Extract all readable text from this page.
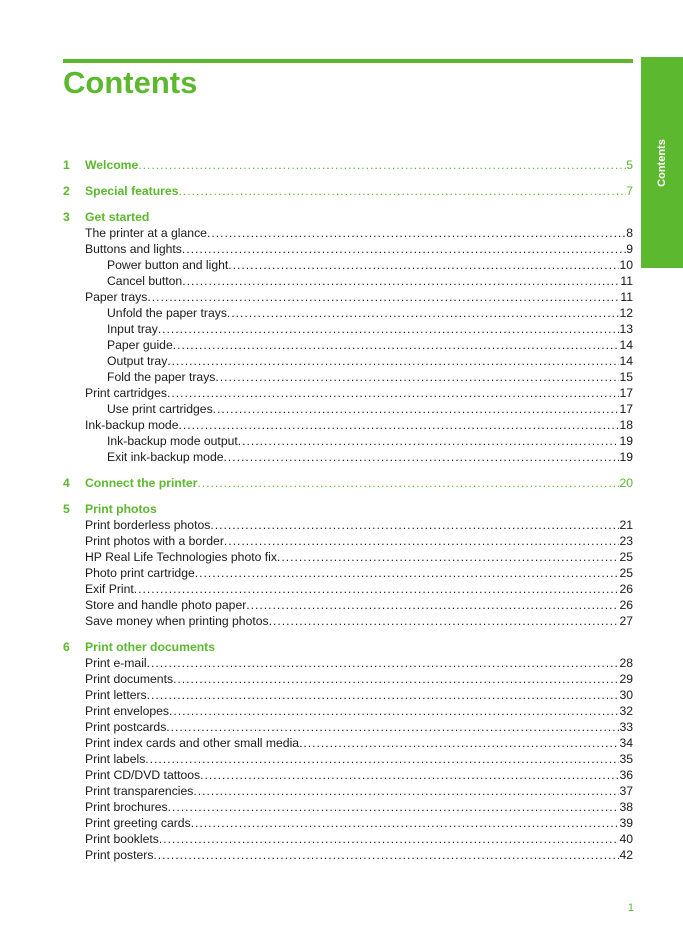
Contents
Contents
1	Welcome . . .	5
2	Special features . . .	7
3	Get started
The printer at a glance . . .	8
Buttons and lights . . .	9
Power button and light . . .	10
Cancel button . . .	11
Paper trays . . .	11
Unfold the paper trays . . .	12
Input tray . . .	13
Paper guide . . .	14
Output tray . . .	14
Fold the paper trays . . .	15
Print cartridges . . .	17
Use print cartridges . . .	17
Ink-backup mode . . .	18
Ink-backup mode output . . .	19
Exit ink-backup mode . . .	19
4	Connect the printer . . .	20
5	Print photos
Print borderless photos . . .	21
Print photos with a border . . .	23
HP Real Life Technologies photo fix . . .	25
Photo print cartridge . . .	25
Exif Print . . .	26
Store and handle photo paper . . .	26
Save money when printing photos . . .	27
6	Print other documents
Print e-mail . . .	28
Print documents . . .	29
Print letters . . .	30
Print envelopes . . .	32
Print postcards . . .	33
Print index cards and other small media . . .	34
Print labels . . .	35
Print CD/DVD tattoos . . .	36
Print transparencies . . .	37
Print brochures . . .	38
Print greeting cards . . .	39
Print booklets . . .	40
Print posters . . .	42
1
